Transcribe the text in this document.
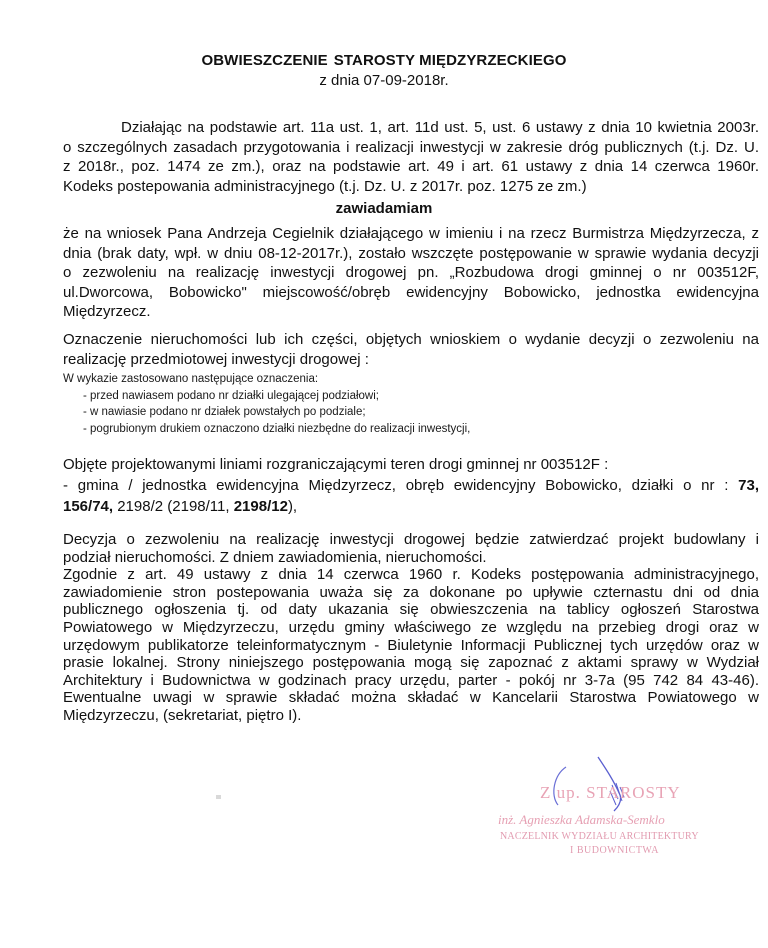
OBWIESZCZENIE STAROSTY MIĘDZYRZECKIEGO
z dnia 07-09-2018r.
Działając na podstawie art. 11a ust. 1, art. 11d ust. 5, ust. 6 ustawy z dnia 10 kwietnia 2003r.
o szczególnych zasadach przygotowania i realizacji inwestycji w zakresie dróg publicznych (t.j. Dz. U.
z 2018r., poz. 1474 ze zm.), oraz na podstawie art. 49 i art. 61 ustawy z dnia 14 czerwca 1960r.
Kodeks postepowania administracyjnego (t.j. Dz. U. z 2017r. poz. 1275 ze zm.)
zawiadamiam
że na wniosek Pana Andrzeja Cegielnik działającego w imieniu i na rzecz Burmistrza Międzyrzecza, z
dnia (brak daty, wpł. w dniu 08-12-2017r.), zostało wszczęte postępowanie w sprawie wydania decyzji
o zezwoleniu na realizację inwestycji drogowej pn. „Rozbudowa drogi gminnej o nr 003512F,
ul.Dworcowa, Bobowicko" miejscowość/obręb ewidencyjny Bobowicko, jednostka ewidencyjna
Międzyrzecz.
Oznaczenie nieruchomości lub ich części, objętych wnioskiem o wydanie decyzji o zezwoleniu na
realizację przedmiotowej inwestycji drogowej :
W wykazie zastosowano następujące oznaczenia:
- przed nawiasem podano nr działki ulegającej podziałowi;
- w nawiasie podano nr działek powstałych po podziale;
- pogrubionym drukiem oznaczono działki niezbędne do realizacji inwestycji,
Objęte projektowanymi liniami rozgraniczającymi teren drogi gminnej nr 003512F :
- gmina / jednostka ewidencyjna Międzyrzecz, obręb ewidencyjny Bobowicko, działki o nr : 73,
156/74, 2198/2 (2198/11, 2198/12),
Decyzja o zezwoleniu na realizację inwestycji drogowej będzie zatwierdzać projekt budowlany i
podział nieruchomości. Z dniem zawiadomienia, nieruchomości.
Zgodnie z art. 49 ustawy z dnia 14 czerwca 1960 r. Kodeks postępowania administracyjnego,
zawiadomienie stron postepowania uważa się za dokonane po upływie czternastu dni od dnia
publicznego ogłoszenia tj. od daty ukazania się obwieszczenia na tablicy ogłoszeń Starostwa
Powiatowego w Międzyrzeczu, urzędu gminy właściwego ze względu na przebieg drogi oraz w
urzędowym publikatorze teleinformatycznym - Biuletynie Informacji Publicznej tych urzędów oraz w
prasie lokalnej. Strony niniejszego postępowania mogą się zapoznać z aktami sprawy w Wydział
Architektury i Budownictwa w godzinach pracy urzędu, parter - pokój nr 3-7a (95 742 84 43-46).
Ewentualne uwagi w sprawie składać można składać w Kancelarii Starostwa Powiatowego w
Międzyrzeczu, (sekretariat, piętro I).
Z up. STAROSTY
inż. Agnieszka Adamska-Semklo
NACZELNIK WYDZIAŁU ARCHITEKTURY
I BUDOWNICTWA
